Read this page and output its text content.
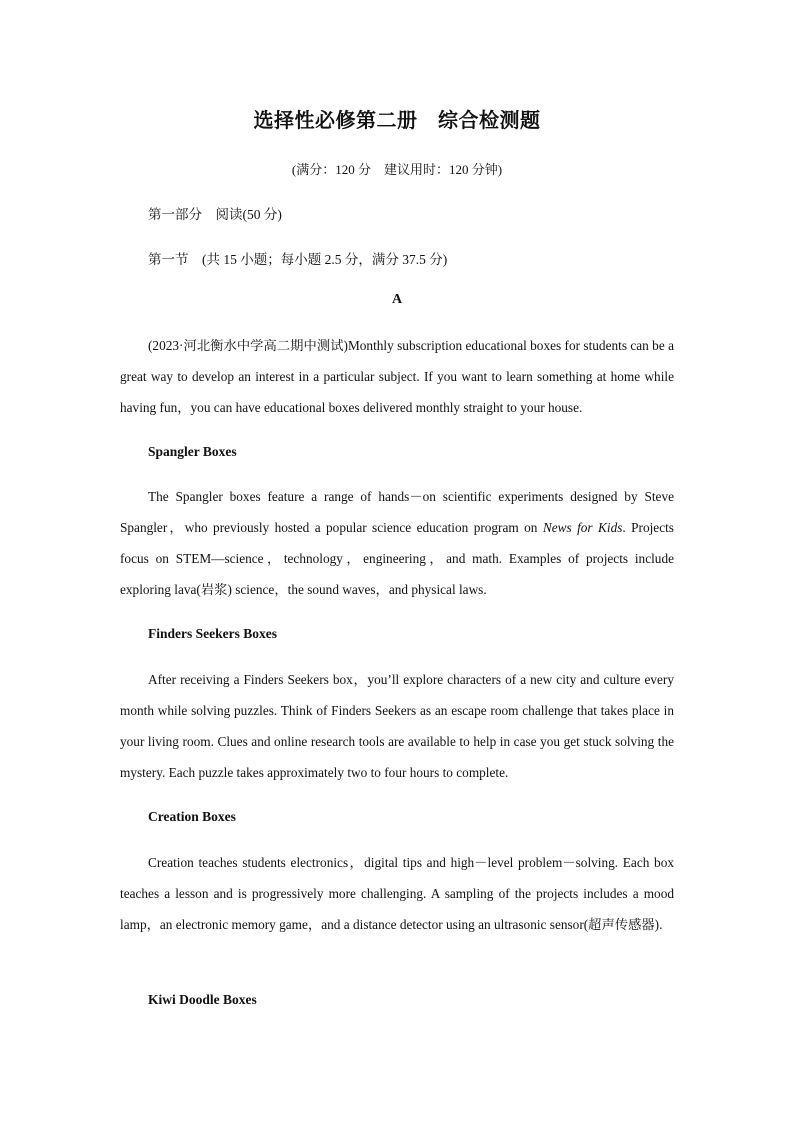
选择性必修第二册　综合检测题
(满分：120 分　建议用时：120 分钟)
第一部分　阅读(50 分)
第一节　(共 15 小题；每小题 2.5 分，满分 37.5 分)
A
(2023·河北衡水中学高二期中测试)Monthly subscription educational boxes for students can be a great way to develop an interest in a particular subject. If you want to learn something at home while having fun，you can have educational boxes delivered monthly straight to your house.
Spangler Boxes
The Spangler boxes feature a range of hands－on scientific experiments designed by Steve Spangler，who previously hosted a popular science education program on News for Kids. Projects focus on STEM—science，technology，engineering，and math. Examples of projects include exploring lava(岩浆) science，the sound waves，and physical laws.
Finders Seekers Boxes
After receiving a Finders Seekers box，you’ll explore characters of a new city and culture every month while solving puzzles. Think of Finders Seekers as an escape room challenge that takes place in your living room. Clues and online research tools are available to help in case you get stuck solving the mystery. Each puzzle takes approximately two to four hours to complete.
Creation Boxes
Creation teaches students electronics，digital tips and high－level problem－solving. Each box teaches a lesson and is progressively more challenging. A sampling of the projects includes a mood lamp，an electronic memory game，and a distance detector using an ultrasonic sensor(超声传感器).
Kiwi Doodle Boxes
